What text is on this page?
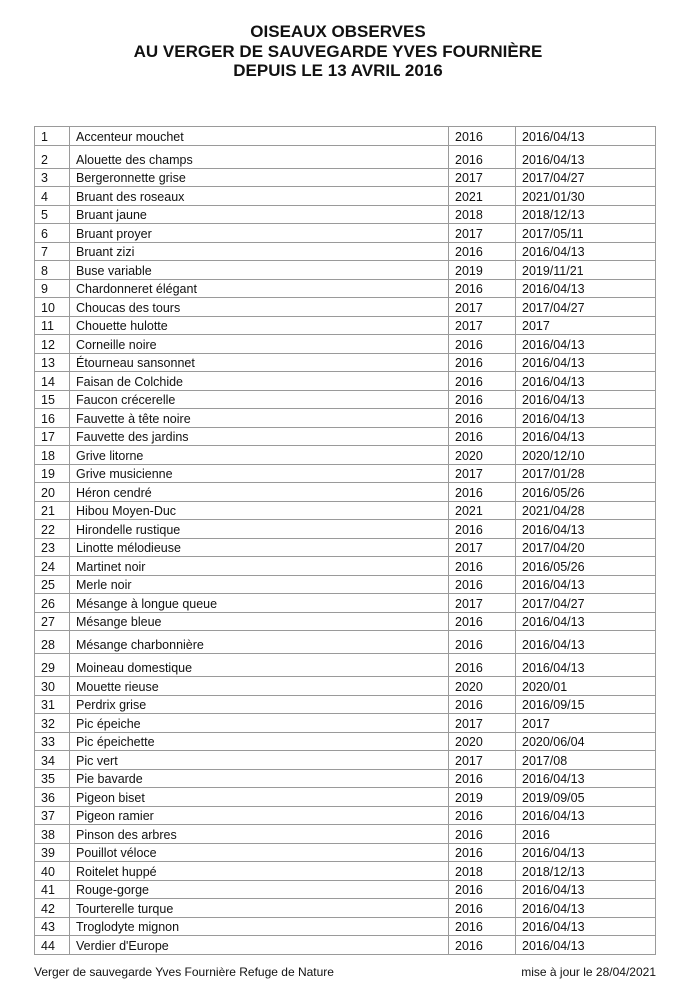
OISEAUX OBSERVES
AU VERGER DE SAUVEGARDE YVES FOURNIÈRE
DEPUIS LE 13 AVRIL 2016
1	Accenteur mouchet	2016	2016/04/13
2	Alouette des champs	2016	2016/04/13
3	Bergeronnette grise	2017	2017/04/27
4	Bruant des roseaux	2021	2021/01/30
5	Bruant jaune	2018	2018/12/13
6	Bruant proyer	2017	2017/05/11
7	Bruant zizi	2016	2016/04/13
8	Buse variable	2019	2019/11/21
9	Chardonneret élégant	2016	2016/04/13
10	Choucas des tours	2017	2017/04/27
11	Chouette hulotte	2017	2017
12	Corneille noire	2016	2016/04/13
13	Étourneau sansonnet	2016	2016/04/13
14	Faisan de Colchide	2016	2016/04/13
15	Faucon crécerelle	2016	2016/04/13
16	Fauvette à tête noire	2016	2016/04/13
17	Fauvette des jardins	2016	2016/04/13
18	Grive litorne	2020	2020/12/10
19	Grive musicienne	2017	2017/01/28
20	Héron cendré	2016	2016/05/26
21	Hibou Moyen-Duc	2021	2021/04/28
22	Hirondelle rustique	2016	2016/04/13
23	Linotte mélodieuse	2017	2017/04/20
24	Martinet noir	2016	2016/05/26
25	Merle noir	2016	2016/04/13
26	Mésange à longue queue	2017	2017/04/27
27	Mésange bleue	2016	2016/04/13
28	Mésange charbonnière	2016	2016/04/13
29	Moineau domestique	2016	2016/04/13
30	Mouette rieuse	2020	2020/01
31	Perdrix grise	2016	2016/09/15
32	Pic épeiche	2017	2017
33	Pic épeichette	2020	2020/06/04
34	Pic vert	2017	2017/08
35	Pie bavarde	2016	2016/04/13
36	Pigeon biset	2019	2019/09/05
37	Pigeon ramier	2016	2016/04/13
38	Pinson des arbres	2016	2016
39	Pouillot véloce	2016	2016/04/13
40	Roitelet huppé	2018	2018/12/13
41	Rouge-gorge	2016	2016/04/13
42	Tourterelle turque	2016	2016/04/13
43	Troglodyte mignon	2016	2016/04/13
44	Verdier d'Europe	2016	2016/04/13
Verger de sauvegarde Yves Fournière Refuge de Nature	mise à jour le 28/04/2021
